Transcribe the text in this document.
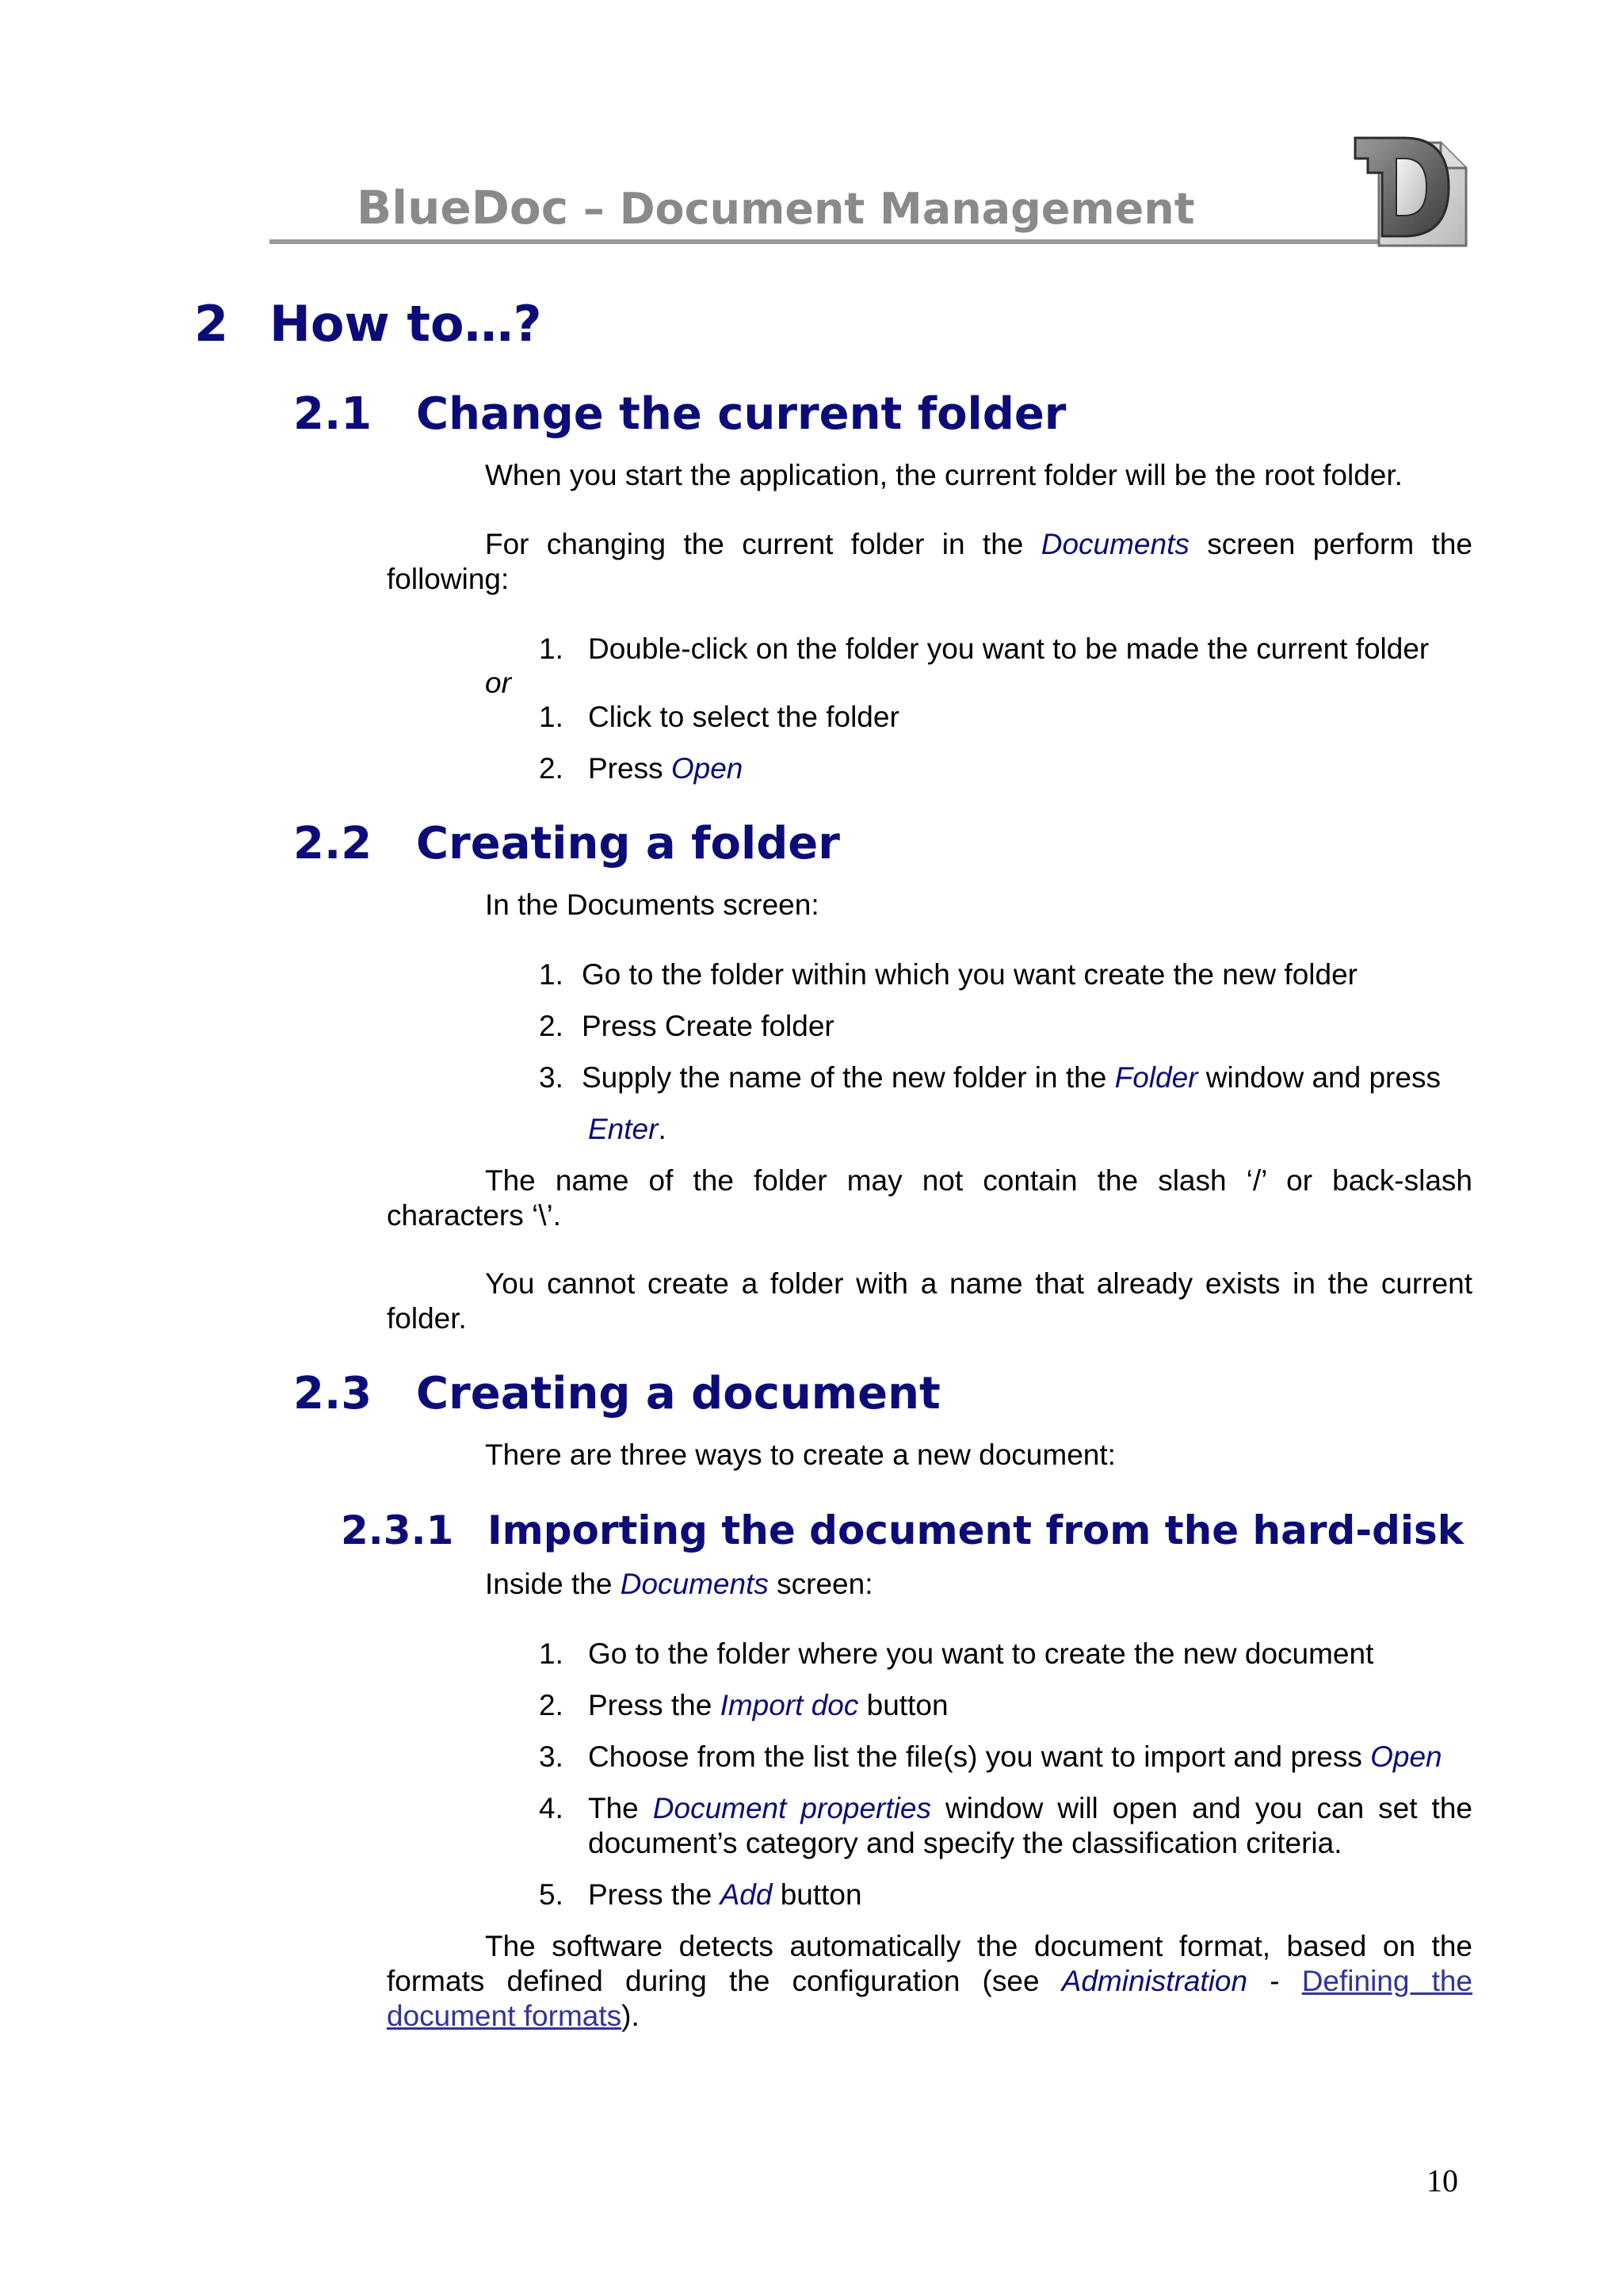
BlueDoc – Document Management
2 How to…?
2.1 Change the current folder
When you start the application, the current folder will be the root folder.
For changing the current folder in the Documents screen perform the
following:
1. Double-click on the folder you want to be made the current folder
or
1. Click to select the folder
2. Press Open
2.2 Creating a folder
In the Documents screen:
1. Go to the folder within which you want create the new folder
2. Press Create folder
3. Supply the name of the new folder in the Folder window and press
Enter.
The name of the folder may not contain the slash ‘/’ or back-slash
characters ‘\’.
You cannot create a folder with a name that already exists in the current
folder.
2.3 Creating a document
There are three ways to create a new document:
2.3.1 Importing the document from the hard-disk
Inside the Documents screen:
1. Go to the folder where you want to create the new document
2. Press the Import doc button
3. Choose from the list the file(s) you want to import and press Open
4. The Document properties window will open and you can set the
document’s category and specify the classification criteria.
5. Press the Add button
The software detects automatically the document format, based on the
formats defined during the configuration (see Administration - Defining the
document formats).
10
